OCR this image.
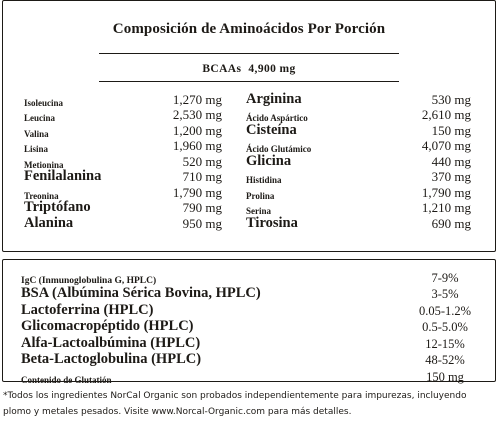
Composición de Aminoácidos Por Porción
BCAAs 4,900 mg
Isoleucina	1,270 mg
Leucina	2,530 mg
Valina	1,200 mg
Lisina	1,960 mg
Metionina	520 mg
Fenilalanina	710 mg
Treonina	1,790 mg
Triptófano	790 mg
Alanina	950 mg
Arginina	530 mg
Ácido Aspártico	2,610 mg
Cisteína	150 mg
Ácido Glutámico	4,070 mg
Glicina	440 mg
Histidina	370 mg
Prolina	1,790 mg
Serina	1,210 mg
Tirosina	690 mg
IgC (Inmunoglobulina G, HPLC)	7-9%
BSA (Albúmina Sérica Bovina, HPLC)	3-5%
Lactoferrina (HPLC)	0.05-1.2%
Glicomacropéptido (HPLC)	0.5-5.0%
Alfa-Lactoalbúmina (HPLC)	12-15%
Beta-Lactoglobulina (HPLC)	48-52%
Contenido de Glutatión	150 mg
*Todos los ingredientes NorCal Organic son probados independientemente para impurezas, incluyendo plomo y metales pesados. Visite www.Norcal-Organic.com para más detalles.
